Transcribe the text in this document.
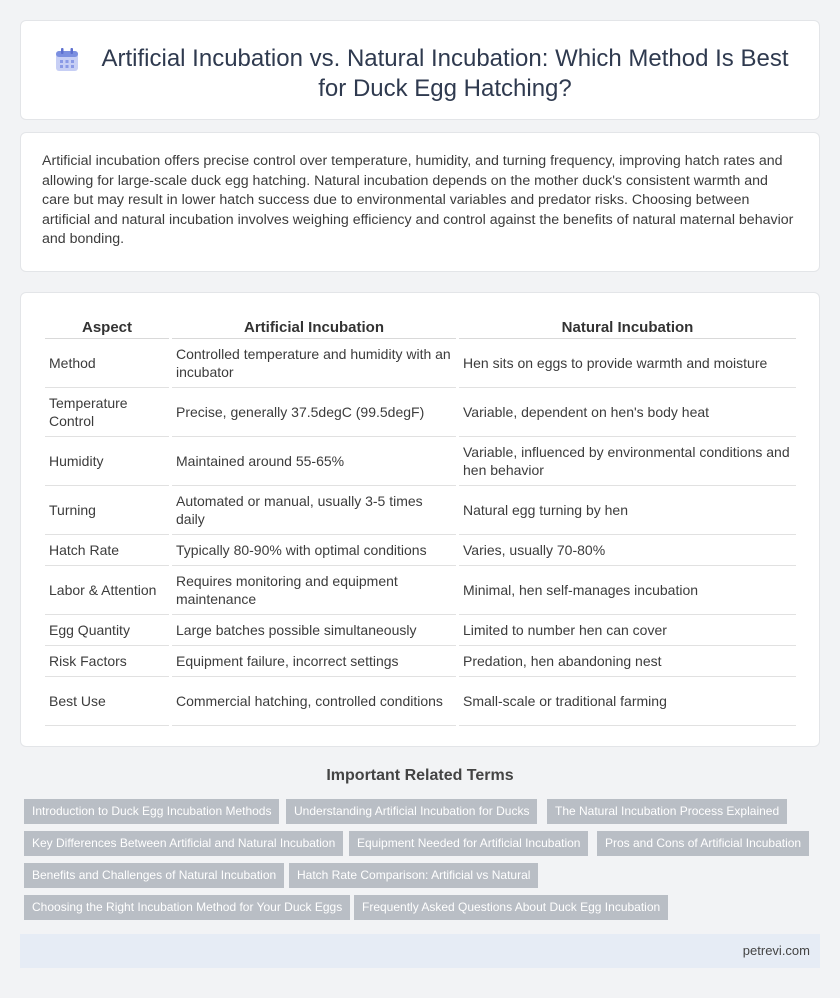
Artificial Incubation vs. Natural Incubation: Which Method Is Best for Duck Egg Hatching?

Artificial incubation offers precise control over temperature, humidity, and turning frequency, improving hatch rates and allowing for large-scale duck egg hatching. Natural incubation depends on the mother duck's consistent warmth and care but may result in lower hatch success due to environmental variables and predator risks. Choosing between artificial and natural incubation involves weighing efficiency and control against the benefits of natural maternal behavior and bonding.

Aspect	Artificial Incubation	Natural Incubation
Method	Controlled temperature and humidity with an incubator	Hen sits on eggs to provide warmth and moisture
Temperature Control	Precise, generally 37.5degC (99.5degF)	Variable, dependent on hen's body heat
Humidity	Maintained around 55-65%	Variable, influenced by environmental conditions and hen behavior
Turning	Automated or manual, usually 3-5 times daily	Natural egg turning by hen
Hatch Rate	Typically 80-90% with optimal conditions	Varies, usually 70-80%
Labor & Attention	Requires monitoring and equipment maintenance	Minimal, hen self-manages incubation
Egg Quantity	Large batches possible simultaneously	Limited to number hen can cover
Risk Factors	Equipment failure, incorrect settings	Predation, hen abandoning nest
Best Use	Commercial hatching, controlled conditions	Small-scale or traditional farming
Important Related Terms
Introduction to Duck Egg Incubation Methods	Understanding Artificial Incubation for Ducks	The Natural Incubation Process Explained
Key Differences Between Artificial and Natural Incubation	Equipment Needed for Artificial Incubation	Pros and Cons of Artificial Incubation
Benefits and Challenges of Natural Incubation	Hatch Rate Comparison: Artificial vs Natural
Choosing the Right Incubation Method for Your Duck Eggs	Frequently Asked Questions About Duck Egg Incubation
petrevi.com
